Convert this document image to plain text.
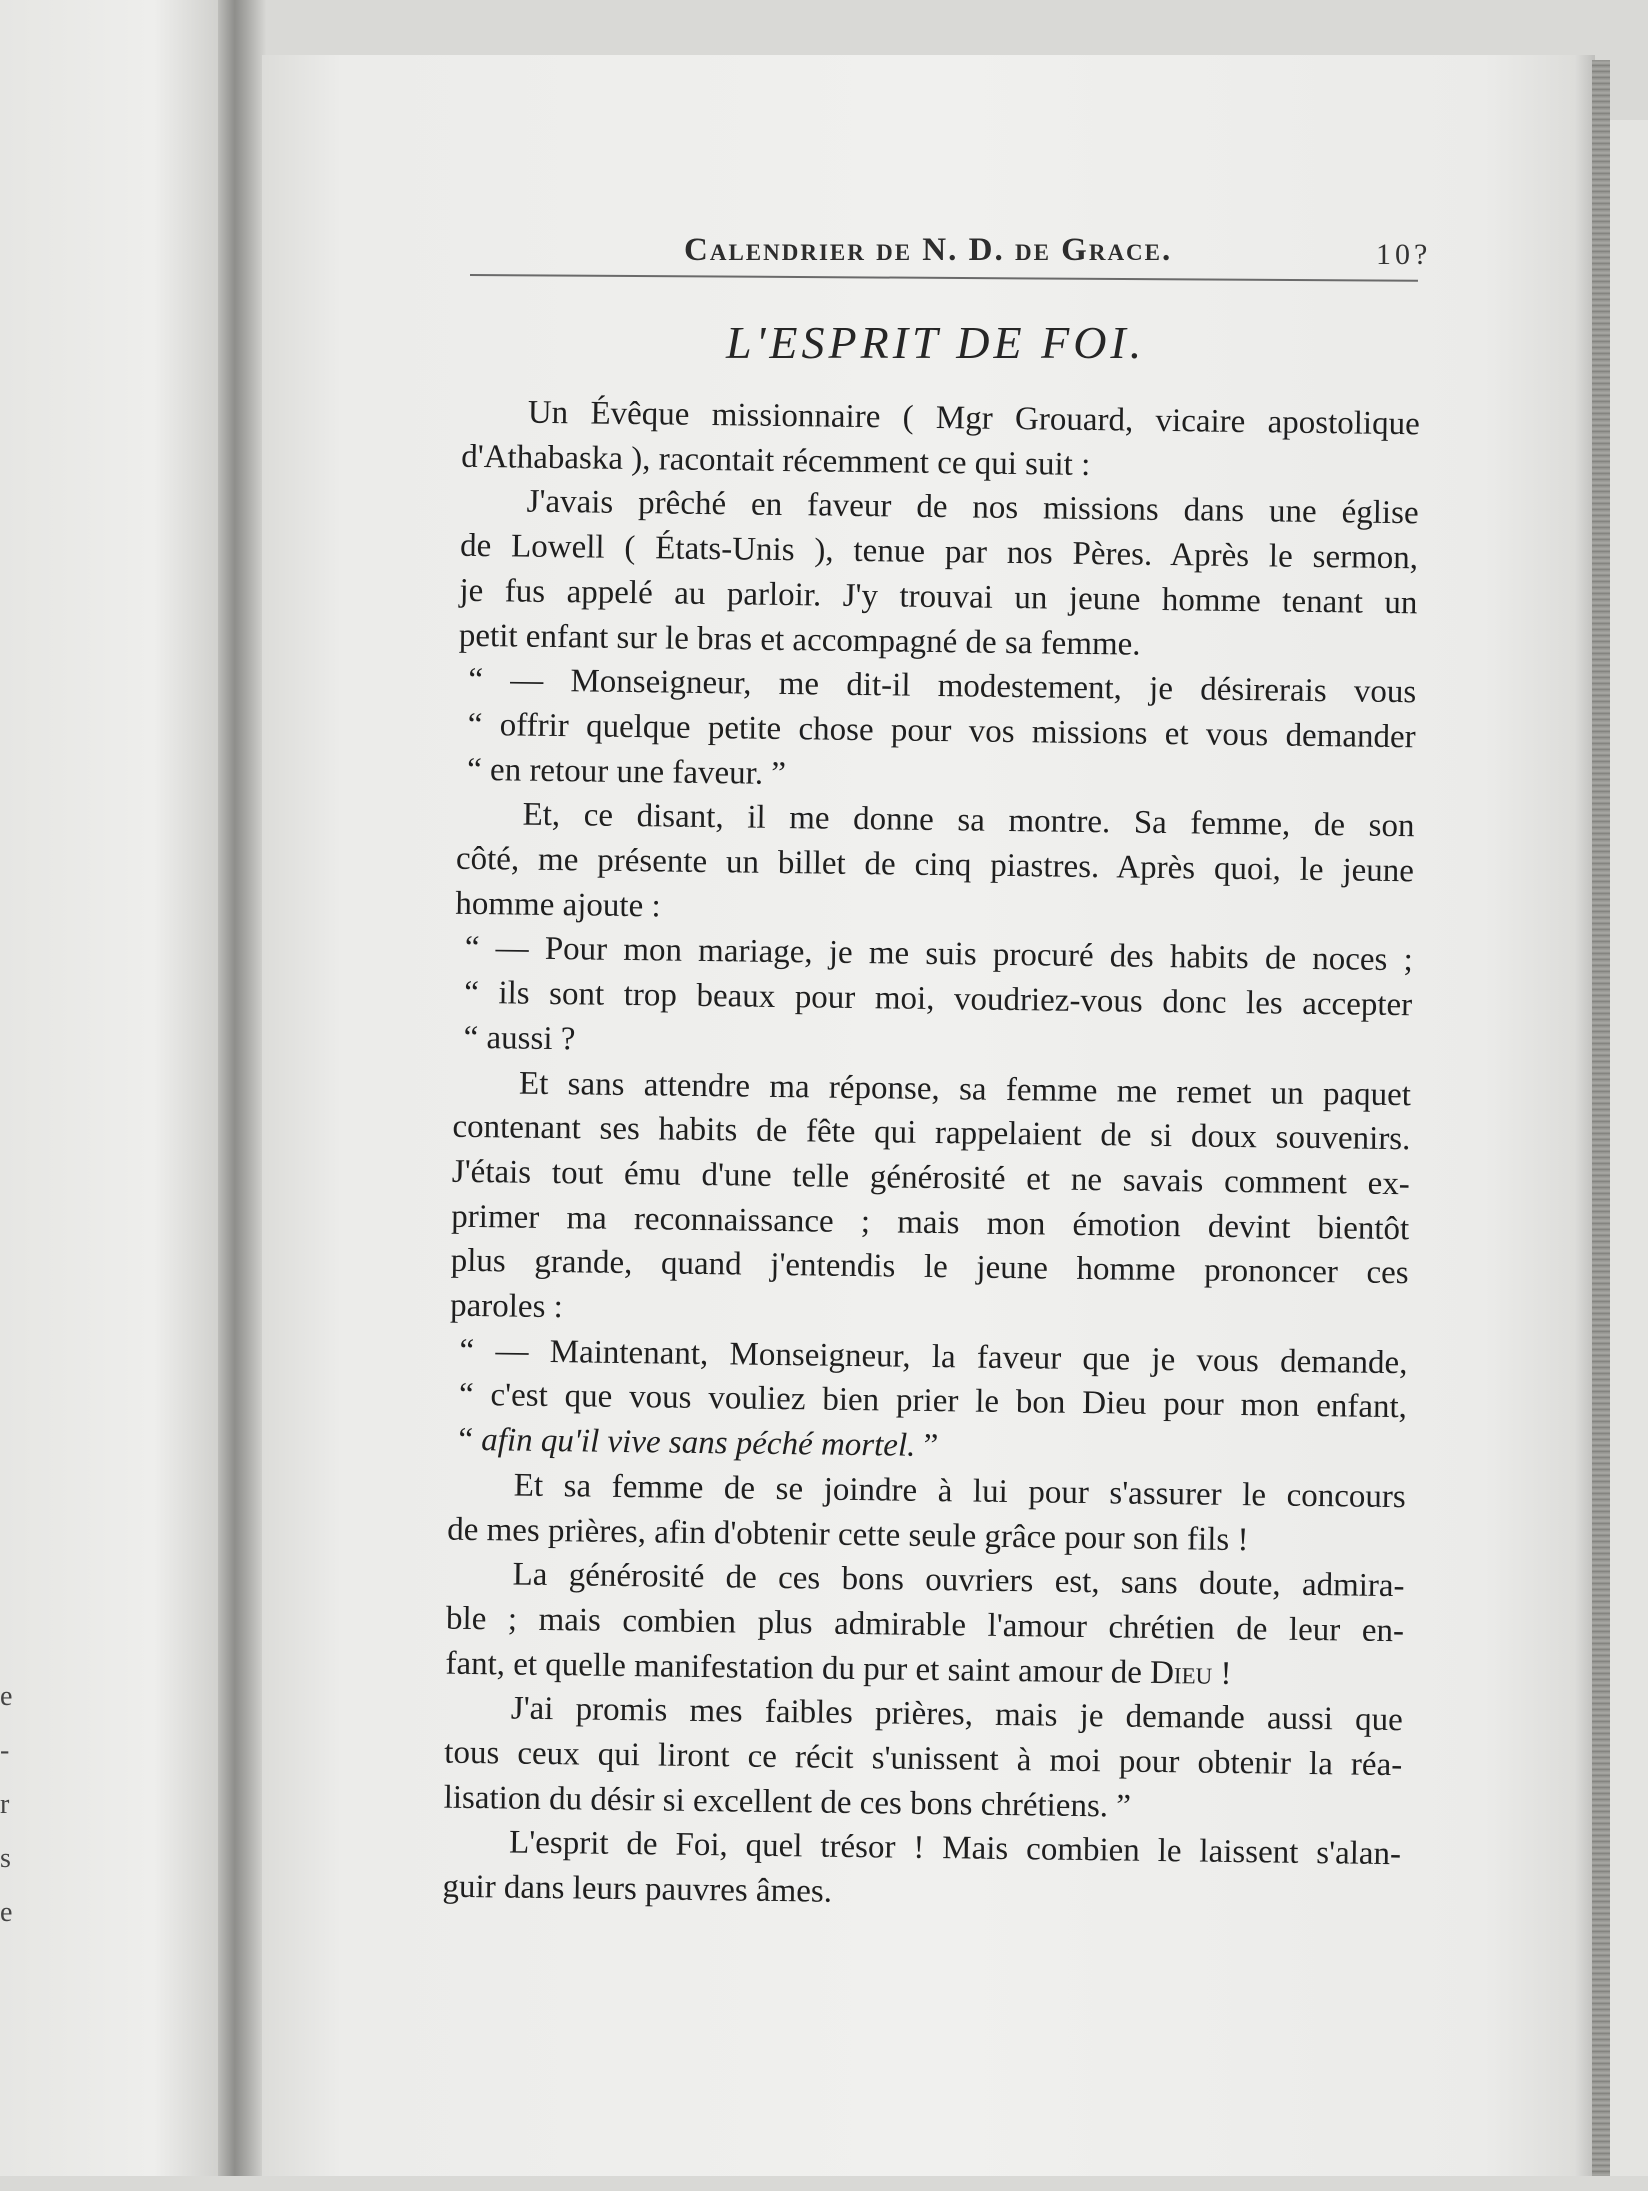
e
-
r
s
e
Calendrier de N. D. de Grace.	10?
L'ESPRIT DE FOI.
Un Évêque missionnaire ( Mgr Grouard, vicaire apostolique
d'Athabaska ), racontait récemment ce qui suit :
J'avais prêché en faveur de nos missions dans une église
de Lowell ( États-Unis ), tenue par nos Pères. Après le sermon,
je fus appelé au parloir. J'y trouvai un jeune homme tenant un
petit enfant sur le bras et accompagné de sa femme.
“ — Monseigneur, me dit-il modestement, je désirerais vous
“ offrir quelque petite chose pour vos missions et vous demander
“ en retour une faveur. ”
Et, ce disant, il me donne sa montre. Sa femme, de son
côté, me présente un billet de cinq piastres. Après quoi, le jeune
homme ajoute :
“ — Pour mon mariage, je me suis procuré des habits de noces ;
“ ils sont trop beaux pour moi, voudriez-vous donc les accepter
“ aussi ?
Et sans attendre ma réponse, sa femme me remet un paquet
contenant ses habits de fête qui rappelaient de si doux souvenirs.
J'étais tout ému d'une telle générosité et ne savais comment ex-
primer ma reconnaissance ; mais mon émotion devint bientôt
plus grande, quand j'entendis le jeune homme prononcer ces
paroles :
“ — Maintenant, Monseigneur, la faveur que je vous demande,
“ c'est que vous vouliez bien prier le bon Dieu pour mon enfant,
“ afin qu'il vive sans péché mortel. ”
Et sa femme de se joindre à lui pour s'assurer le concours
de mes prières, afin d'obtenir cette seule grâce pour son fils !
La générosité de ces bons ouvriers est, sans doute, admira-
ble ; mais combien plus admirable l'amour chrétien de leur en-
fant, et quelle manifestation du pur et saint amour de Dieu !
J'ai promis mes faibles prières, mais je demande aussi que
tous ceux qui liront ce récit s'unissent à moi pour obtenir la réa-
lisation du désir si excellent de ces bons chrétiens. ”
L'esprit de Foi, quel trésor ! Mais combien le laissent s'alan-
guir dans leurs pauvres âmes.
